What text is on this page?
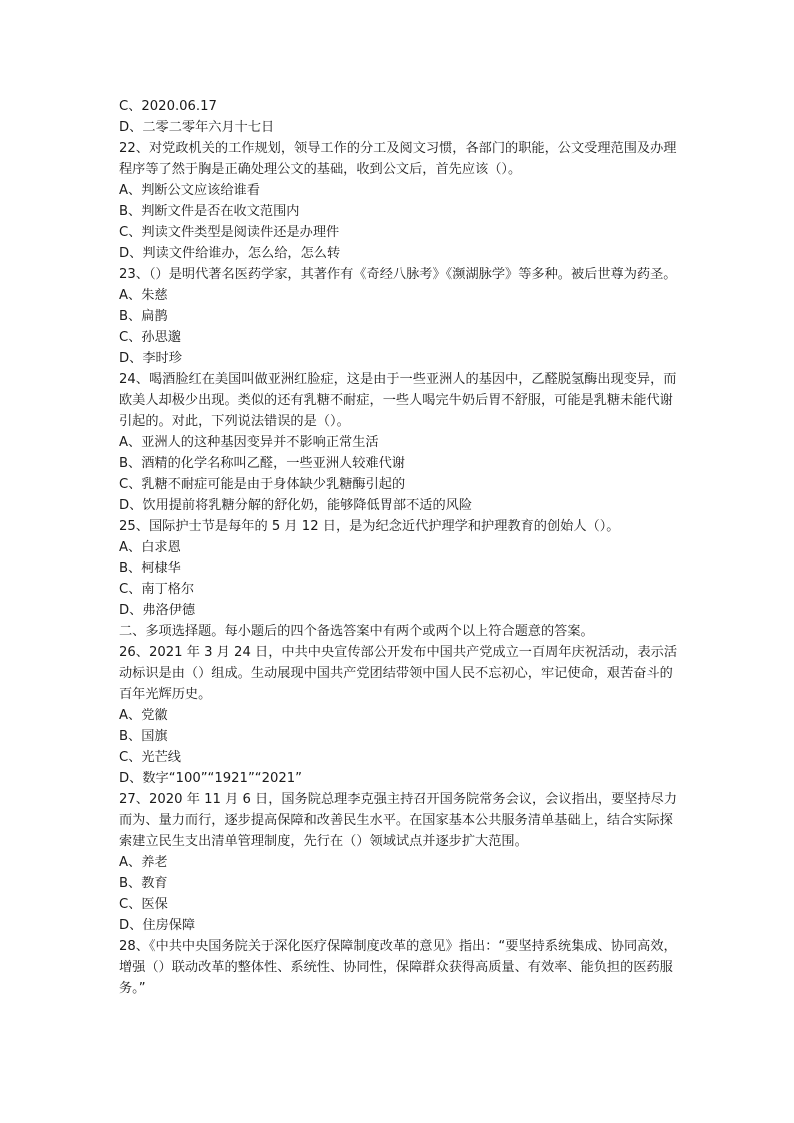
C、2020.06.17
D、二零二零年六月十七日
22、对党政机关的工作规划，领导工作的分工及阅文习惯，各部门的职能，公文受理范围及办理程序等了然于胸是正确处理公文的基础，收到公文后，首先应该（）。
A、判断公文应该给谁看
B、判断文件是否在收文范围内
C、判读文件类型是阅读件还是办理件
D、判读文件给谁办，怎么给，怎么转
23、（）是明代著名医药学家，其著作有《奇经八脉考》《濒湖脉学》等多种。被后世尊为药圣。
A、朱慈
B、扁鹊
C、孙思邈
D、李时珍
24、喝酒脸红在美国叫做亚洲红脸症，这是由于一些亚洲人的基因中，乙醛脱氢酶出现变异，而欧美人却极少出现。类似的还有乳糖不耐症，一些人喝完牛奶后胃不舒服，可能是乳糖未能代谢引起的。对此，下列说法错误的是（）。
A、亚洲人的这种基因变异并不影响正常生活
B、酒精的化学名称叫乙醛，一些亚洲人较难代谢
C、乳糖不耐症可能是由于身体缺少乳糖酶引起的
D、饮用提前将乳糖分解的舒化奶，能够降低胃部不适的风险
25、国际护士节是每年的 5 月 12 日，是为纪念近代护理学和护理教育的创始人（）。
A、白求恩
B、柯棣华
C、南丁格尔
D、弗洛伊德
二、多项选择题。每小题后的四个备选答案中有两个或两个以上符合题意的答案。
26、2021 年 3 月 24 日，中共中央宣传部公开发布中国共产党成立一百周年庆祝活动，表示活动标识是由（）组成。生动展现中国共产党团结带领中国人民不忘初心，牢记使命，艰苦奋斗的百年光辉历史。
A、党徽
B、国旗
C、光芒线
D、数字“100”“1921”“2021”
27、2020 年 11 月 6 日，国务院总理李克强主持召开国务院常务会议，会议指出，要坚持尽力而为、量力而行，逐步提高保障和改善民生水平。在国家基本公共服务清单基础上，结合实际探索建立民生支出清单管理制度，先行在（）领域试点并逐步扩大范围。
A、养老
B、教育
C、医保
D、住房保障
28、《中共中央国务院关于深化医疗保障制度改革的意见》指出：“要坚持系统集成、协同高效，增强（）联动改革的整体性、系统性、协同性，保障群众获得高质量、有效率、能负担的医药服务。”
